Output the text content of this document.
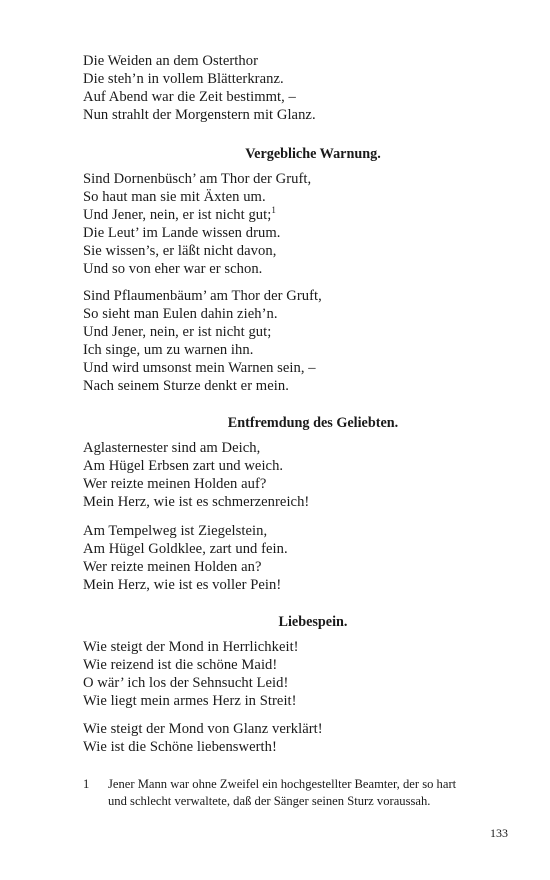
Die Weiden an dem Osterthor
Die steh’n in vollem Blätterkranz.
Auf Abend war die Zeit bestimmt, –
Nun strahlt der Morgenstern mit Glanz.
Vergebliche Warnung.
Sind Dornenbüsch’ am Thor der Gruft,
So haut man sie mit Äxten um.
Und Jener, nein, er ist nicht gut;$^1$
Die Leut’ im Lande wissen drum.
Sie wissen’s, er läßt nicht davon,
Und so von eher war er schon.
Sind Pflaumenbäum’ am Thor der Gruft,
So sieht man Eulen dahin zieh’n.
Und Jener, nein, er ist nicht gut;
Ich singe, um zu warnen ihn.
Und wird umsonst mein Warnen sein, –
Nach seinem Sturze denkt er mein.
Entfremdung des Geliebten.
Aglasternester sind am Deich,
Am Hügel Erbsen zart und weich.
Wer reizte meinen Holden auf?
Mein Herz, wie ist es schmerzenreich!
Am Tempelweg ist Ziegelstein,
Am Hügel Goldklee, zart und fein.
Wer reizte meinen Holden an?
Mein Herz, wie ist es voller Pein!
Liebespein.
Wie steigt der Mond in Herrlichkeit!
Wie reizend ist die schöne Maid!
O wär’ ich los der Sehnsucht Leid!
Wie liegt mein armes Herz in Streit!
Wie steigt der Mond von Glanz verklärt!
Wie ist die Schöne liebenswerth!
1 Jener Mann war ohne Zweifel ein hochgestellter Beamter, der so hart
und schlecht verwaltete, daß der Sänger seinen Sturz voraussah.
133
